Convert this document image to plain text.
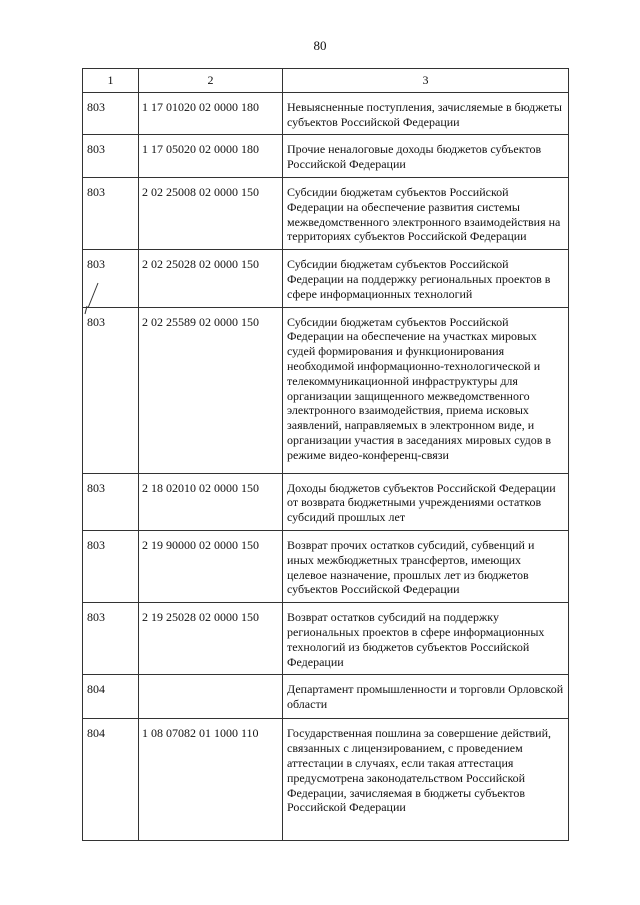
80
1	2	3
803	1 17 01020 02 0000 180	Невыясненные поступления, зачисляемые в бюджеты субъектов Российской Федерации
803	1 17 05020 02 0000 180	Прочие неналоговые доходы бюджетов субъектов Российской Федерации
803	2 02 25008 02 0000 150	Субсидии бюджетам субъектов Российской Федерации на обеспечение развития системы межведомственного электронного взаимодействия на территориях субъектов Российской Федерации
803	2 02 25028 02 0000 150	Субсидии бюджетам субъектов Российской Федерации на поддержку региональных проектов в сфере информационных технологий
803	2 02 25589 02 0000 150	Субсидии бюджетам субъектов Российской Федерации на обеспечение на участках мировых судей формирования и функционирования необходимой информационно-технологической и телекоммуникационной инфраструктуры для организации защищенного межведомственного электронного взаимодействия, приема исковых заявлений, направляемых в электронном виде, и организации участия в заседаниях мировых судов в режиме видео-конференц-связи
803	2 18 02010 02 0000 150	Доходы бюджетов субъектов Российской Федерации от возврата бюджетными учреждениями остатков субсидий прошлых лет
803	2 19 90000 02 0000 150	Возврат прочих остатков субсидий, субвенций и иных межбюджетных трансфертов, имеющих целевое назначение, прошлых лет из бюджетов субъектов Российской Федерации
803	2 19 25028 02 0000 150	Возврат остатков субсидий на поддержку региональных проектов в сфере информационных технологий из бюджетов субъектов Российской Федерации
804		Департамент промышленности и торговли Орловской области
804	1 08 07082 01 1000 110	Государственная пошлина за совершение действий, связанных с лицензированием, с проведением аттестации в случаях, если такая аттестация предусмотрена законодательством Российской Федерации, зачисляемая в бюджеты субъектов Российской Федерации
